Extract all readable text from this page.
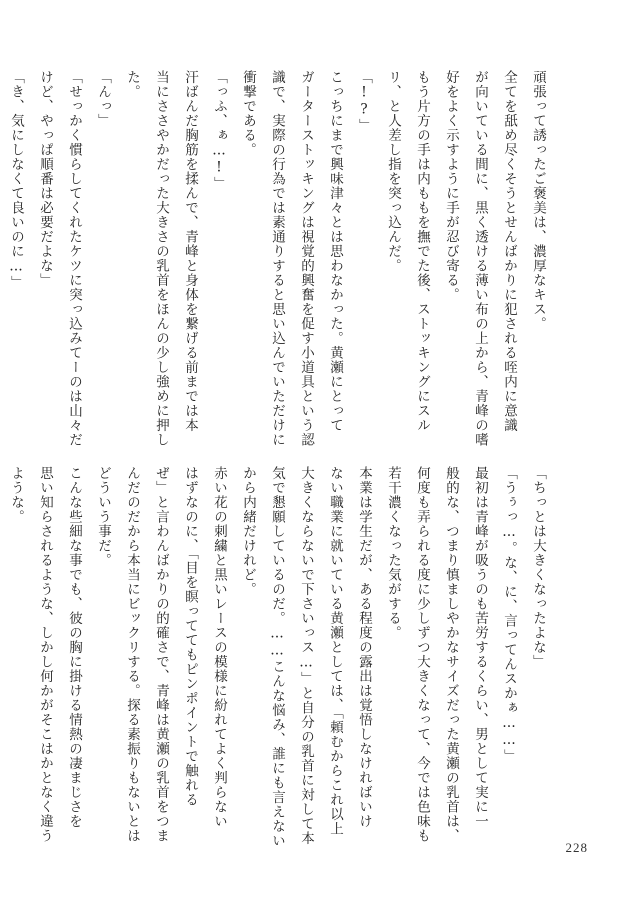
頑張って誘ったご褒美は、濃厚なキス。
全てを舐め尽くそうとせんばかりに犯される咥内に意識
が向いている間に、黒く透ける薄い布の上から、青峰の嗜
好をよく示すように手が忍び寄る。
もう片方の手は内ももを撫でた後、ストッキングにスル
リ、と人差し指を突っ込んだ。
「!?」
こっちにまで興味津々とは思わなかった。黄瀬にとって
ガーターストッキングは視覚的興奮を促す小道具という認
識で、実際の行為では素通りすると思い込んでいただけに
衝撃である。
「っふ、ぁ…!」
汗ばんだ胸筋を揉んで、青峰と身体を繋げる前までは本
当にささやかだった大きさの乳首をほんの少し強めに押し
た。
「んっ」
「せっかく慣らしてくれたケツに突っ込みてーのは山々だ
けど、やっぱ順番は必要だよな」
「き、気にしなくて良いのに…」
「ちっとは大きくなったよな」
「うぅっ…。な、に、言ってんスかぁ……」
最初は青峰が吸うのも苦労するくらい、男として実に一
般的な、つまり慎ましやかなサイズだった黄瀬の乳首は、
何度も弄られる度に少しずつ大きくなって、今では色味も
若干濃くなった気がする。
本業は学生だが、ある程度の露出は覚悟しなければいけ
ない職業に就いている黄瀬としては、「頼むからこれ以上
大きくならないで下さいっス…」と自分の乳首に対して本
気で懇願しているのだ。……こんな悩み、誰にも言えない
から内緒だけれど。
赤い花の刺繍と黒いレースの模様に紛れてよく判らない
はずなのに、「目を瞑っててもピンポイントで触れる
ぜ」と言わんばかりの的確さで、青峰は黄瀬の乳首をつま
んだのだから本当にビックリする。探る素振りもないとは
どういう事だ。
こんな些細な事でも、彼の胸に掛ける情熱の凄まじさを
思い知らされるような、しかし何かがそこはかとなく違う
ような。
228
